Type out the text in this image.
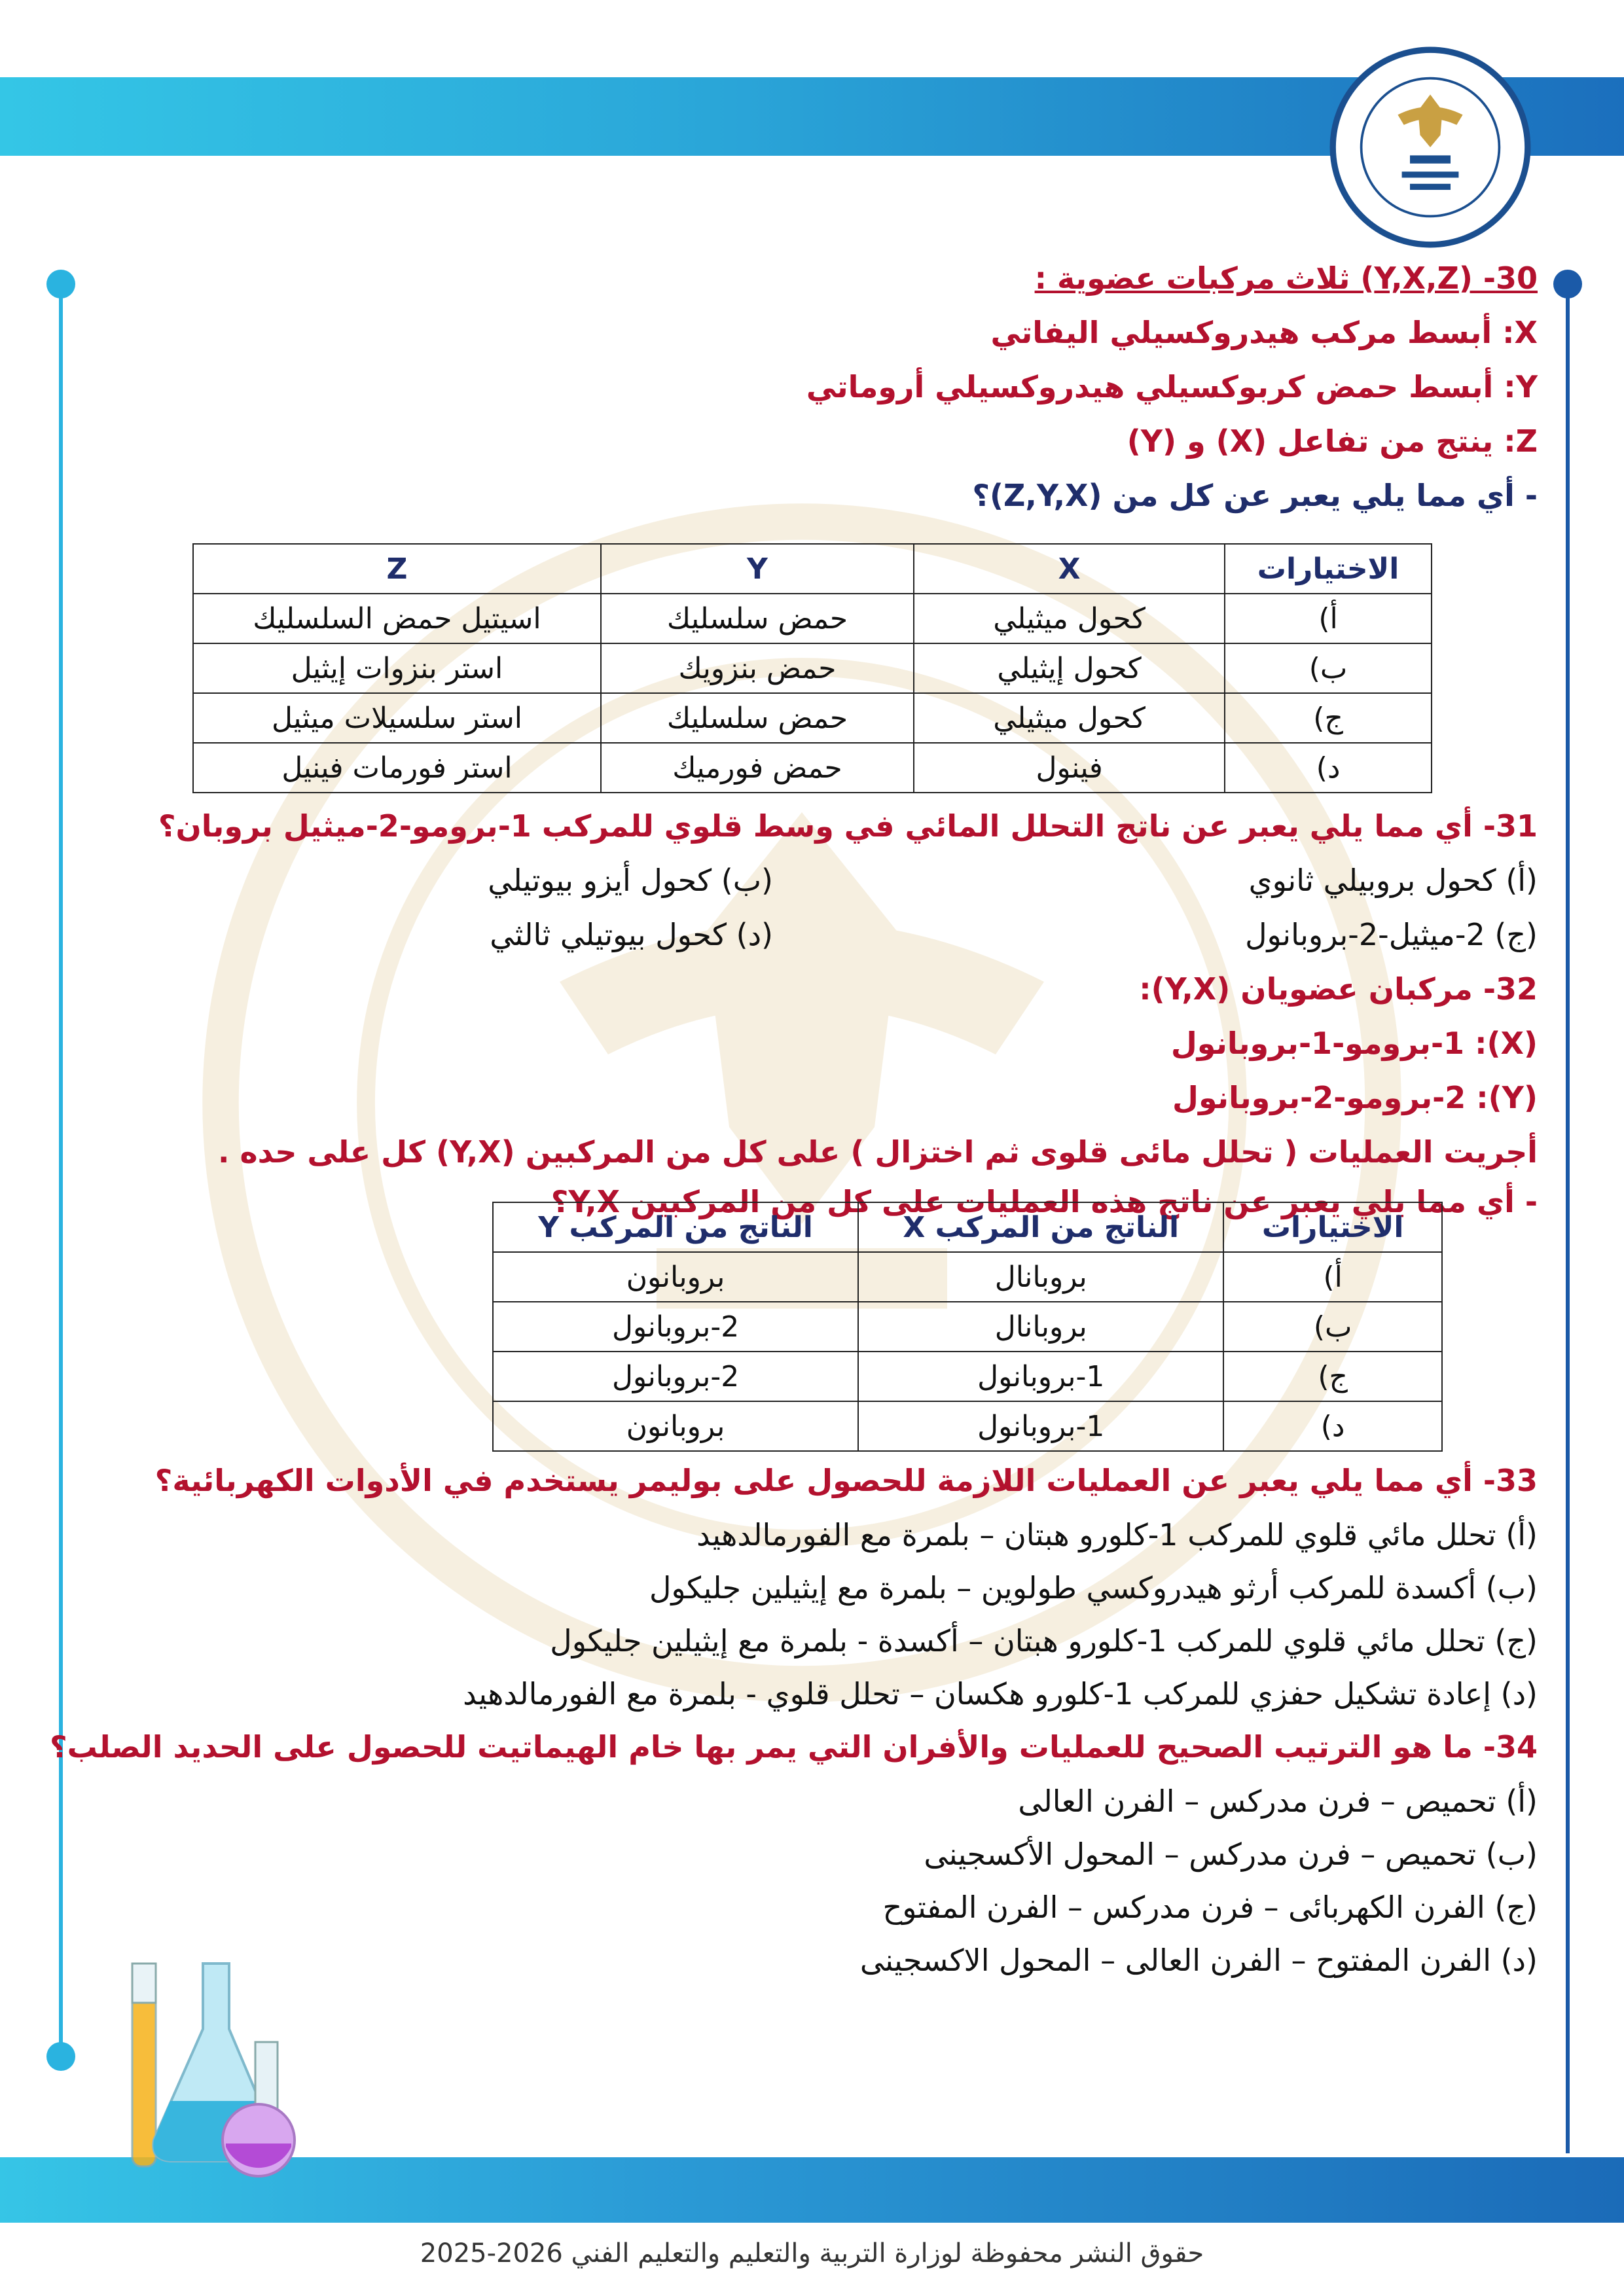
30- (Y,X,Z) ثلاث مركبات عضوية :
X: أبسط مركب هيدروكسيلي اليفاتي
Y: أبسط حمض كربوكسيلي هيدروكسيلي أروماتي
Z: ينتج من تفاعل (X) و (Y)
- أي مما يلي يعبر عن كل من (Z,Y,X)؟
الاختيارات	X	Y	Z
أ)	كحول ميثيلي	حمض سلسليك	اسيتيل حمض السلسليك
ب)	كحول إيثيلي	حمض بنزويك	استر بنزوات إيثيل
ج)	كحول ميثيلي	حمض سلسليك	استر سلسيلات ميثيل
د)	فينول	حمض فورميك	استر فورمات فينيل
31- أي مما يلي يعبر عن ناتج التحلل المائي في وسط قلوي للمركب 1-برومو-2-ميثيل بروبان؟
(أ) كحول بروبيلي ثانوي
(ب) كحول أيزو بيوتيلي
(ج) 2-ميثيل-2-بروبانول
(د) كحول بيوتيلي ثالثي
32- مركبان عضويان (Y,X):
(X): 1-برومو-1-بروبانول
(Y): 2-برومو-2-بروبانول
أجريت العمليات ( تحلل مائى قلوى ثم اختزال ) على كل من المركبين (Y,X) كل على حده .
- أي مما يلي يعبر عن ناتج هذه العمليات على كل من المركبين Y,X؟
الاختيارات	الناتج من المركب X	الناتج من المركب Y
أ)	بروبانال	بروبانون
ب)	بروبانال	2-بروبانول
ج)	1-بروبانول	2-بروبانول
د)	1-بروبانول	بروبانون
33- أي مما يلي يعبر عن العمليات اللازمة للحصول على بوليمر يستخدم في الأدوات الكهربائية؟
(أ) تحلل مائي قلوي للمركب 1-كلورو هبتان – بلمرة مع الفورمالدهيد
(ب) أكسدة للمركب أرثو هيدروكسي طولوين – بلمرة مع إيثيلين جليكول
(ج) تحلل مائي قلوي للمركب 1-كلورو هبتان – أكسدة - بلمرة مع إيثيلين جليكول
(د) إعادة تشكيل حفزي للمركب 1-كلورو هكسان – تحلل قلوي - بلمرة مع الفورمالدهيد
34- ما هو الترتيب الصحيح للعمليات والأفران التي يمر بها خام الهيماتيت للحصول على الحديد الصلب؟
(أ) تحميص – فرن مدركس – الفرن العالى
(ب) تحميص – فرن مدركس – المحول الأكسجينى
(ج) الفرن الكهربائى – فرن مدركس – الفرن المفتوح
(د) الفرن المفتوح – الفرن العالى – المحول الاكسجينى
حقوق النشر محفوظة لوزارة التربية والتعليم والتعليم الفني 2026-2025
